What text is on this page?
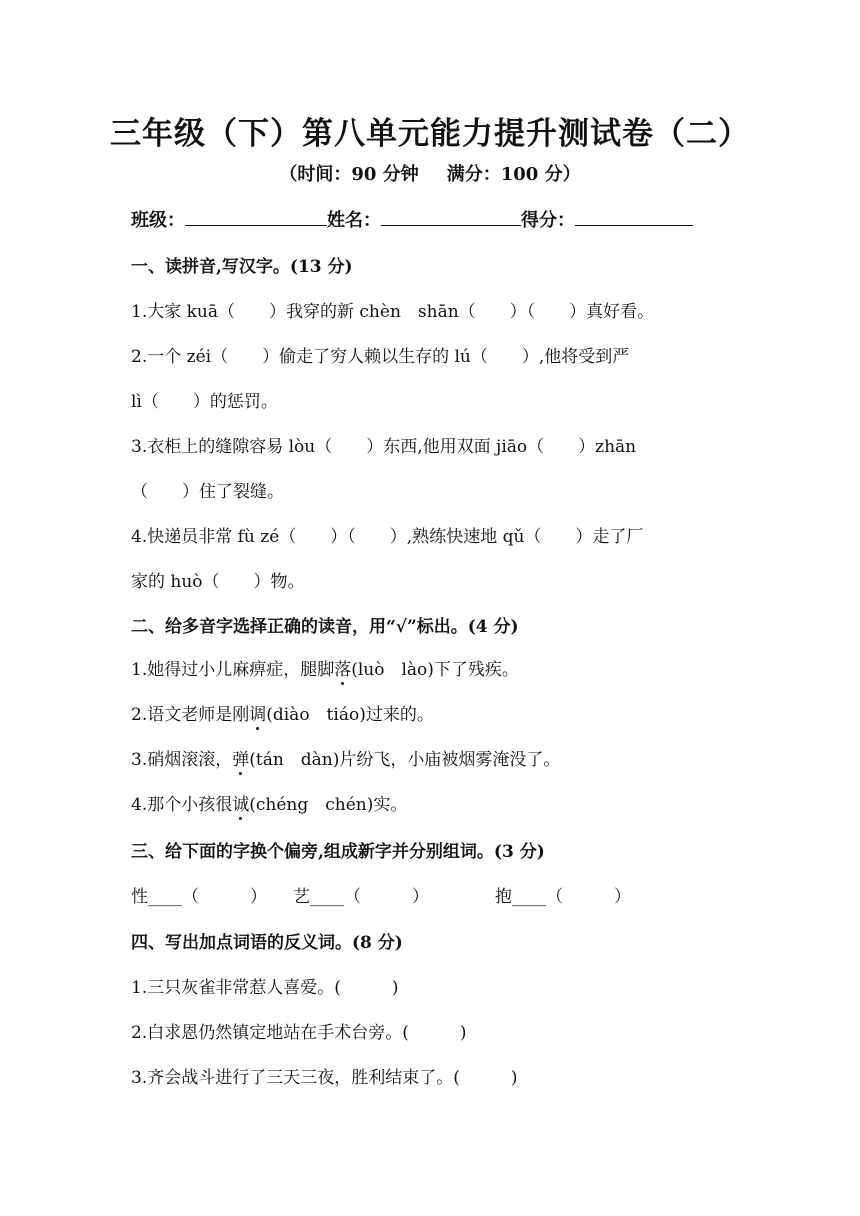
三年级（下）第八单元能力提升测试卷（二）
（时间：90 分钟 满分：100 分）
班级：	姓名：	得分：
一、读拼音,写汉字。(13 分)
1.大家 kuā（　　）我穿的新 chèn　shān（　　）（　　）真好看。
2.一个 zéi（　　）偷走了穷人赖以生存的 lú（　　）,他将受到严
lì（　　）的惩罚。
3.衣柜上的缝隙容易 lòu（　　）东西,他用双面 jiāo（　　）zhān
（　　）住了裂缝。
4.快递员非常 fù zé（　　）（　　）,熟练快速地 qǔ（　　）走了厂
家的 huò（　　）物。
二、给多音字选择正确的读音，用“√”标出。(4 分)
1.她得过小儿麻痹症，腿脚落(luò　lào)下了残疾。
2.语文老师是刚调(diào　tiáo)过来的。
3.硝烟滚滚，弹(tán　dàn)片纷飞，小庙被烟雾淹没了。
4.那个小孩很诚(chéng　chén)实。
三、给下面的字换个偏旁,组成新字并分别组词。(3 分)
性____（　　　） 艺____（　　　）	抱____（　　　）
四、写出加点词语的反义词。(8 分)
1.三只灰雀非常惹人喜爱。(　　　)
2.白求恩仍然镇定地站在手术台旁。(　　　)
3.齐会战斗进行了三天三夜，胜利结束了。(　　　)
